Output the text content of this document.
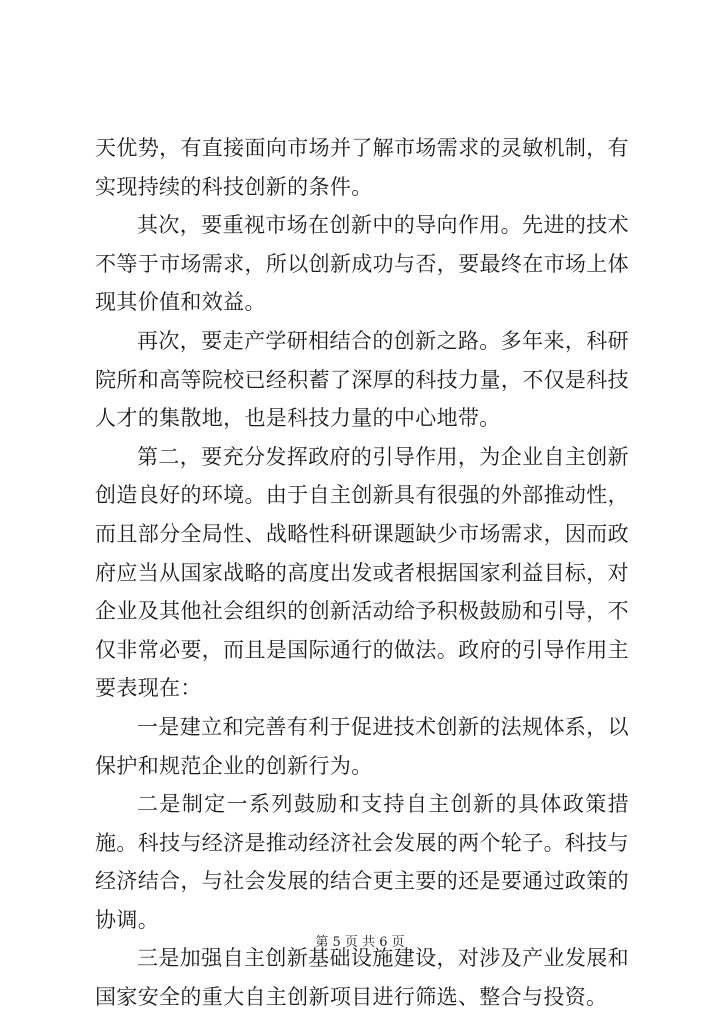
天优势，有直接面向市场并了解市场需求的灵敏机制，有实现持续的科技创新的条件。

其次，要重视市场在创新中的导向作用。先进的技术不等于市场需求，所以创新成功与否，要最终在市场上体现其价值和效益。

再次，要走产学研相结合的创新之路。多年来，科研院所和高等院校已经积蓄了深厚的科技力量，不仅是科技人才的集散地，也是科技力量的中心地带。

第二，要充分发挥政府的引导作用，为企业自主创新创造良好的环境。由于自主创新具有很强的外部推动性，而且部分全局性、战略性科研课题缺少市场需求，因而政府应当从国家战略的高度出发或者根据国家利益目标，对企业及其他社会组织的创新活动给予积极鼓励和引导，不仅非常必要，而且是国际通行的做法。政府的引导作用主要表现在：

一是建立和完善有利于促进技术创新的法规体系，以保护和规范企业的创新行为。

二是制定一系列鼓励和支持自主创新的具体政策措施。科技与经济是推动经济社会发展的两个轮子。科技与经济结合，与社会发展的结合更主要的还是要通过政策的协调。

三是加强自主创新基础设施建设，对涉及产业发展和国家安全的重大自主创新项目进行筛选、整合与投资。

第 5 页 共 6 页
